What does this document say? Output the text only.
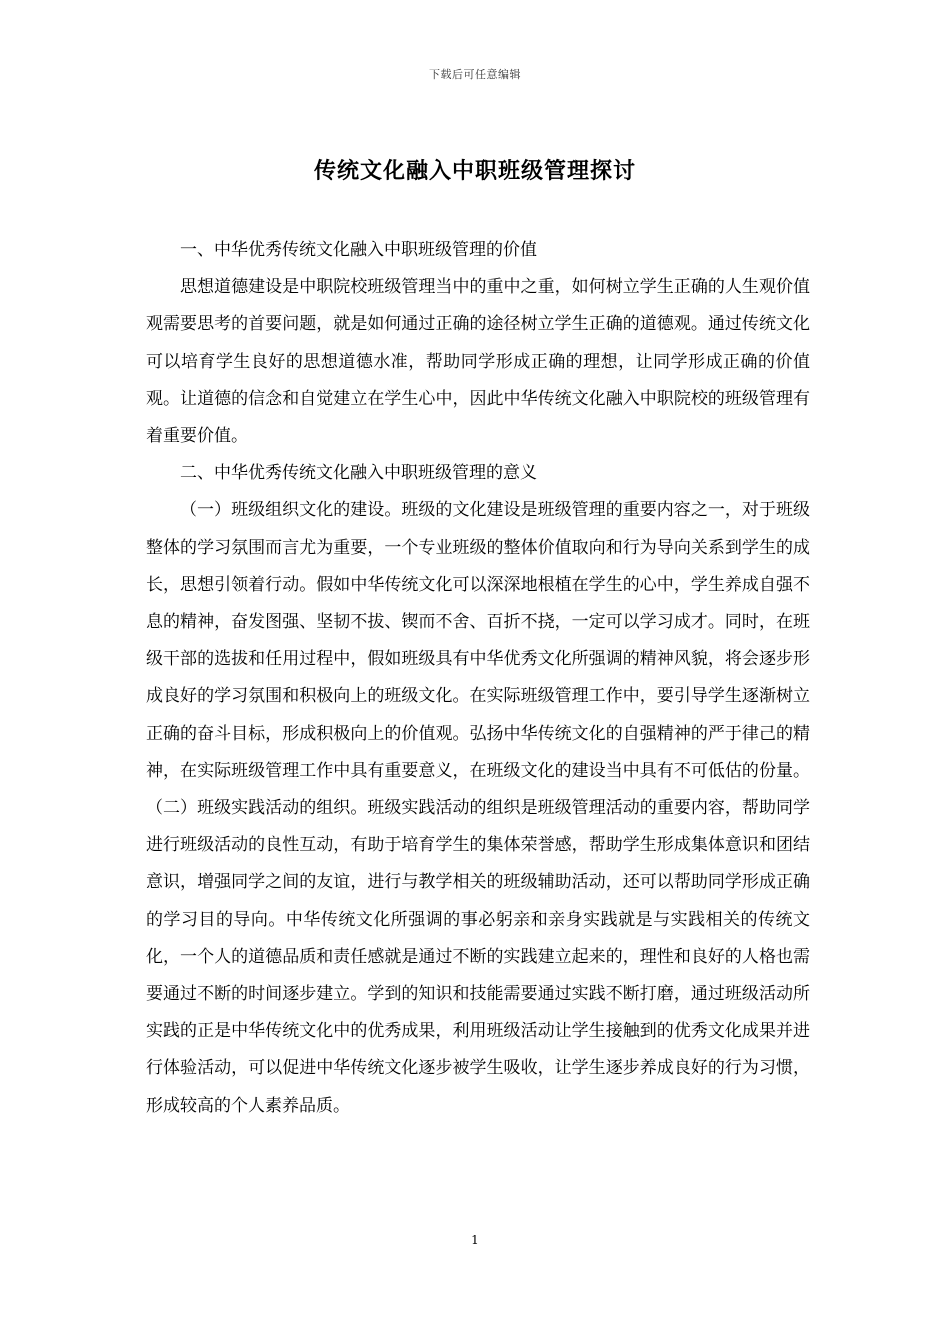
下载后可任意编辑
传统文化融入中职班级管理探讨

一、中华优秀传统文化融入中职班级管理的价值

思想道德建设是中职院校班级管理当中的重中之重，如何树立学生正确的人生观价值观需要思考的首要问题，就是如何通过正确的途径树立学生正确的道德观。通过传统文化可以培育学生良好的思想道德水准，帮助同学形成正确的理想，让同学形成正确的价值观。让道德的信念和自觉建立在学生心中，因此中华传统文化融入中职院校的班级管理有着重要价值。

二、中华优秀传统文化融入中职班级管理的意义

（一）班级组织文化的建设。班级的文化建设是班级管理的重要内容之一，对于班级整体的学习氛围而言尤为重要，一个专业班级的整体价值取向和行为导向关系到学生的成长，思想引领着行动。假如中华传统文化可以深深地根植在学生的心中，学生养成自强不息的精神，奋发图强、坚韧不拔、锲而不舍、百折不挠，一定可以学习成才。同时，在班级干部的选拔和任用过程中，假如班级具有中华优秀文化所强调的精神风貌，将会逐步形成良好的学习氛围和积极向上的班级文化。在实际班级管理工作中，要引导学生逐渐树立正确的奋斗目标，形成积极向上的价值观。弘扬中华传统文化的自强精神的严于律己的精神，在实际班级管理工作中具有重要意义，在班级文化的建设当中具有不可低估的份量。（二）班级实践活动的组织。班级实践活动的组织是班级管理活动的重要内容，帮助同学进行班级活动的良性互动，有助于培育学生的集体荣誉感，帮助学生形成集体意识和团结意识，增强同学之间的友谊，进行与教学相关的班级辅助活动，还可以帮助同学形成正确的学习目的导向。中华传统文化所强调的事必躬亲和亲身实践就是与实践相关的传统文化，一个人的道德品质和责任感就是通过不断的实践建立起来的，理性和良好的人格也需要通过不断的时间逐步建立。学到的知识和技能需要通过实践不断打磨，通过班级活动所实践的正是中华传统文化中的优秀成果，利用班级活动让学生接触到的优秀文化成果并进行体验活动，可以促进中华传统文化逐步被学生吸收，让学生逐步养成良好的行为习惯，形成较高的个人素养品质。

1
